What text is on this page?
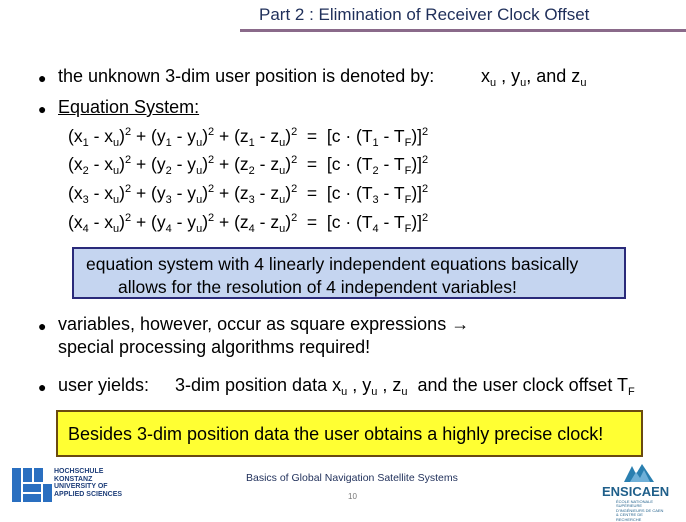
Part 2 : Elimination of Receiver Clock Offset
● the unknown 3-dim user position is denoted by:	$x_u$ , $y_u$, and $z_u$
● Equation System:
$(x_1 - x_u)^2 + (y_1 - y_u)^2 + (z_1 - z_u)^2 = [c \cdot (T_1 - T_F)]^2$
$(x_2 - x_u)^2 + (y_2 - y_u)^2 + (z_2 - z_u)^2 = [c \cdot (T_2 - T_F)]^2$
$(x_3 - x_u)^2 + (y_3 - y_u)^2 + (z_3 - z_u)^2 = [c \cdot (T_3 - T_F)]^2$
$(x_4 - x_u)^2 + (y_4 - y_u)^2 + (z_4 - z_u)^2 = [c \cdot (T_4 - T_F)]^2$
equation system with 4 linearly independent equations basically
allows for the resolution of 4 independent variables!
● variables, however, occur as square expressions →
special processing algorithms required!
● user yields: 3-dim position data $x_u$ , $y_u$ , $z_u$ and the user clock offset $T_F$
Besides 3-dim position data the user obtains a highly precise clock!
HOCHSCHULE
KONSTANZ
UNIVERSITY OF
APPLIED SCIENCES
Basics of Global Navigation Satellite Systems
10	ENSICAEN
ÉCOLE NATIONALE SUPÉRIEURE D'INGÉNIEURS DE CAEN & CENTRE DE RECHERCHE
